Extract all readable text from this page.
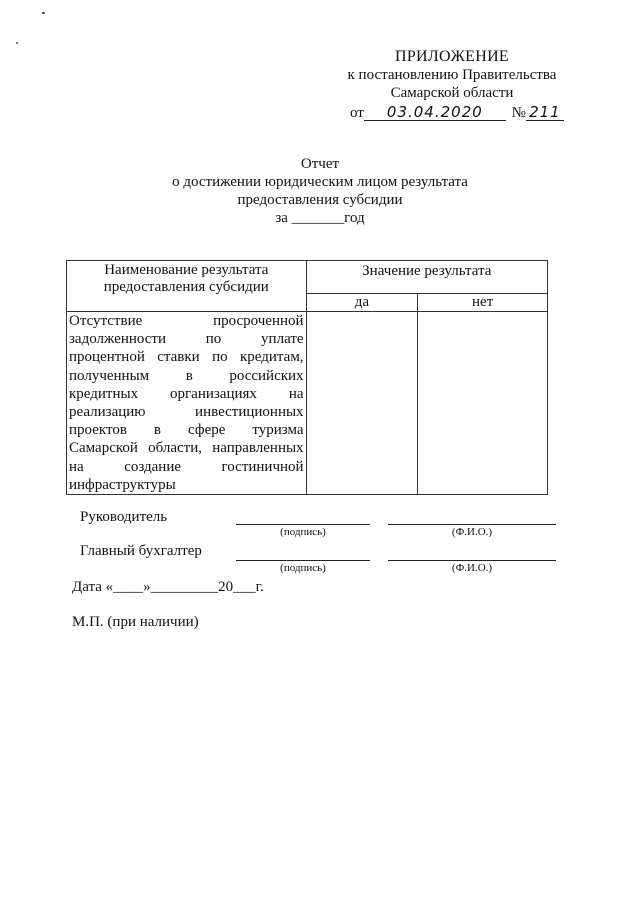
ПРИЛОЖЕНИЕ
к постановлению Правительства
Самарской области
от 03.04.2020 № 211
Отчет
о достижении юридическим лицом результата
предоставления субсидии
за _______год
Наименование результата предоставления субсидии	Значение результата	
	да	нет
Отсутствие просроченной задолженности по уплате процентной ставки по кредитам, полученным в российских кредитных организациях на реализацию инвестиционных проектов в сфере туризма Самарской области, направленных на создание гостиничной инфраструктуры		
Руководитель
(подпись)	(Ф.И.О.)
Главный бухгалтер
(подпись)	(Ф.И.О.)
Дата «____»_________20___г.
М.П. (при наличии)
